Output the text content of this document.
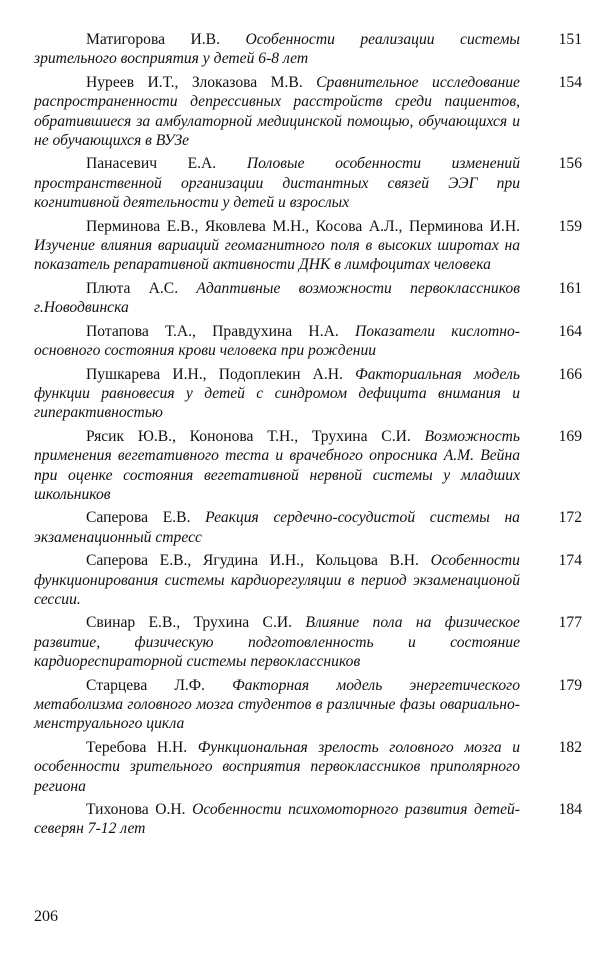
Матигорова И.В. Особенности реализации системы зрительного восприятия у детей 6-8 лет

151

Нуреев И.Т., Злоказова М.В. Сравнительное исследование распространенности депрессивных расстройств среди пациентов, обратившиеся за амбулаторной медицинской помощью, обучающихся и не обучающихся в ВУЗе

154

Панасевич Е.А. Половые особенности изменений пространственной организации дистантных связей ЭЭГ при когнитивной деятельности у детей и взрослых

156

Перминова Е.В., Яковлева М.Н., Косова А.Л., Перминова И.Н. Изучение влияния вариаций геомагнитного поля в высоких широтах на показатель репаративной активности ДНК в лимфоцитах человека

159

Плюта А.С. Адаптивные возможности первоклассников г.Новодвинска

161

Потапова Т.А., Правдухина Н.А. Показатели кислотно-основного состояния крови человека при рождении

164

Пушкарева И.Н., Подоплекин А.Н. Факториальная модель функции равновесия у детей с синдромом дефицита внимания и гиперактивностью

166

Рясик Ю.В., Кононова Т.Н., Трухина С.И. Возможность применения вегетативного теста и врачебного опросника А.М. Вейна при оценке состояния вегетативной нервной системы у младших школьников

169

Саперова Е.В. Реакция сердечно-сосудистой системы на экзаменационный стресс

172

Саперова Е.В., Ягудина И.Н., Кольцова В.Н. Особенности функционирования системы кардиорегуляции в период экзаменационой сессии.

174

Свинар Е.В., Трухина С.И. Влияние пола на физическое развитие, физическую подготовленность и состояние кардиореспираторной системы первоклассников

177

Старцева Л.Ф. Факторная модель энергетического метаболизма головного мозга студентов в различные фазы овариально-менструального цикла

179

Теребова Н.Н. Функциональная зрелость головного мозга и особенности зрительного восприятия первоклассников приполярного региона

182

Тихонова О.Н. Особенности психомоторного развития детей-северян 7-12 лет

184
206
